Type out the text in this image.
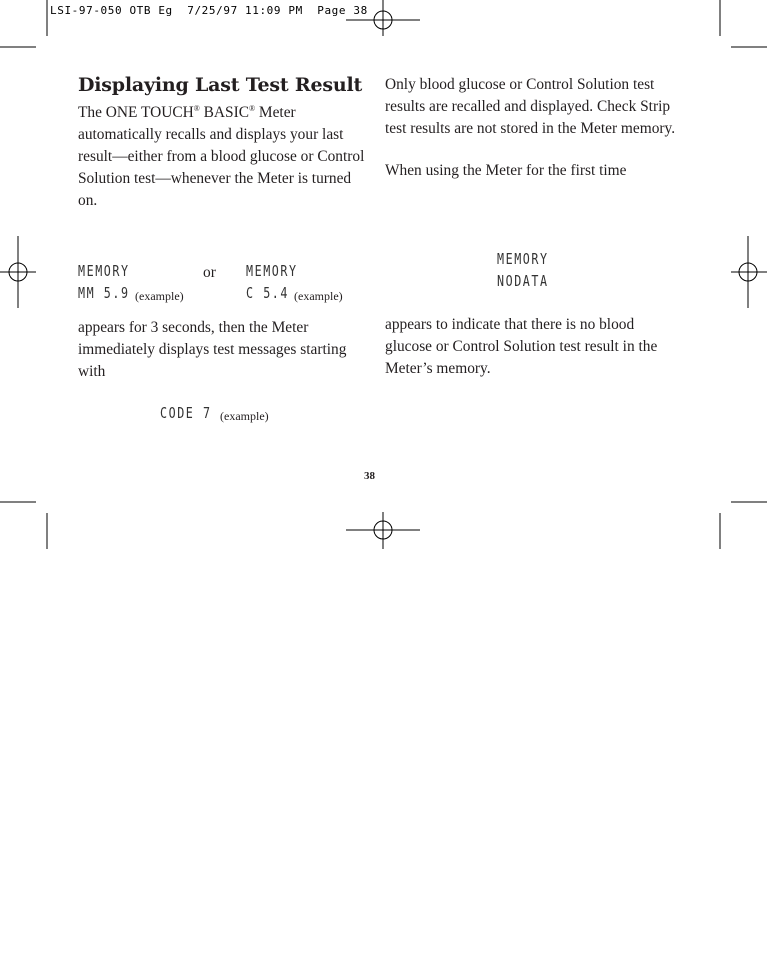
LSI-97-050 OTB Eg  7/25/97 11:09 PM  Page 38
Displaying Last Test Result

The ONE TOUCH® BASIC® Meter automatically recalls and displays your last result—either from a blood glucose or Control Solution test—whenever the Meter is turned on.

MEMORY
MM 5.9 (example)
or MEMORY
C 5.4 (example)

appears for 3 seconds, then the Meter immediately displays test messages starting with

CODE 7 (example)

Only blood glucose or Control Solution test results are recalled and displayed. Check Strip test results are not stored in the Meter memory.

When using the Meter for the first time

MEMORY
NODATA

appears to indicate that there is no blood glucose or Control Solution test result in the Meter’s memory.

38
